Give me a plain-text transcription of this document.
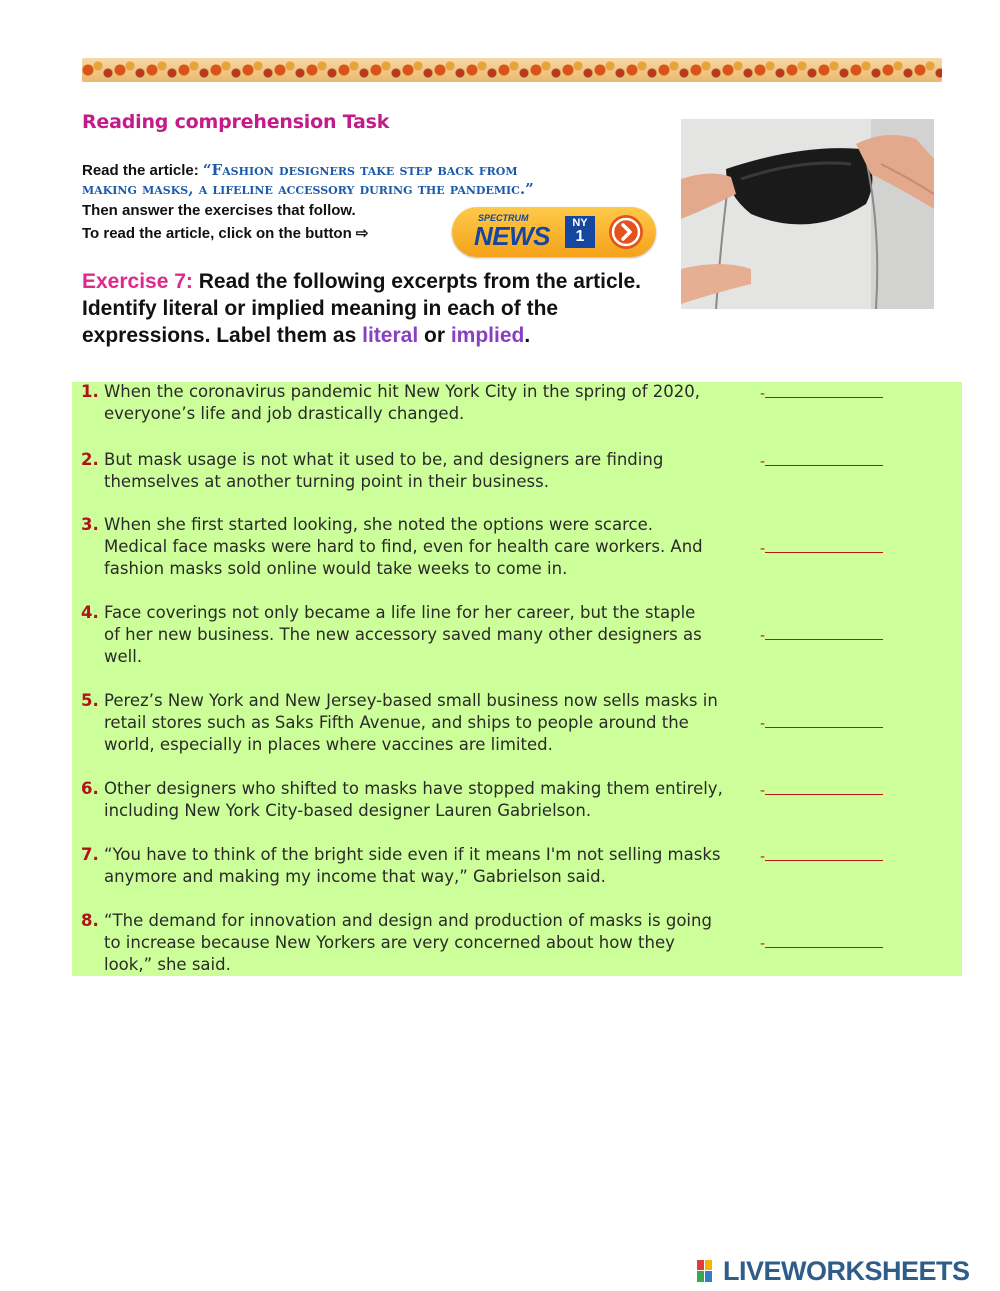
Reading comprehension Task
Read the article: “Fashion designers take step back from
making masks, a lifeline accessory during the pandemic.”
Then answer the exercises that follow.
To read the article, click on the button ⇨
SPECTRUM
NEWS	NY
1
Exercise 7: Read the following excerpts from the article. Identify literal or implied meaning in each of the expressions. Label them as literal or implied.
1. When the coronavirus pandemic hit New York City in the spring of 2020,
everyone’s life and job drastically changed.
-
2. But mask usage is not what it used to be, and designers are finding
themselves at another turning point in their business.
-
3. When she first started looking, she noted the options were scarce.
Medical face masks were hard to find, even for health care workers. And
fashion masks sold online would take weeks to come in.
-
4. Face coverings not only became a life line for her career, but the staple
of her new business. The new accessory saved many other designers as
well.
-
5. Perez’s New York and New Jersey-based small business now sells masks in
retail stores such as Saks Fifth Avenue, and ships to people around the
world, especially in places where vaccines are limited.
-
6. Other designers who shifted to masks have stopped making them entirely,
including New York City-based designer Lauren Gabrielson.
-
7. “You have to think of the bright side even if it means I'm not selling masks
anymore and making my income that way,” Gabrielson said.
-
8. “The demand for innovation and design and production of masks is going
to increase because New Yorkers are very concerned about how they
look,” she said.
-
LIVEWORKSHEETS
